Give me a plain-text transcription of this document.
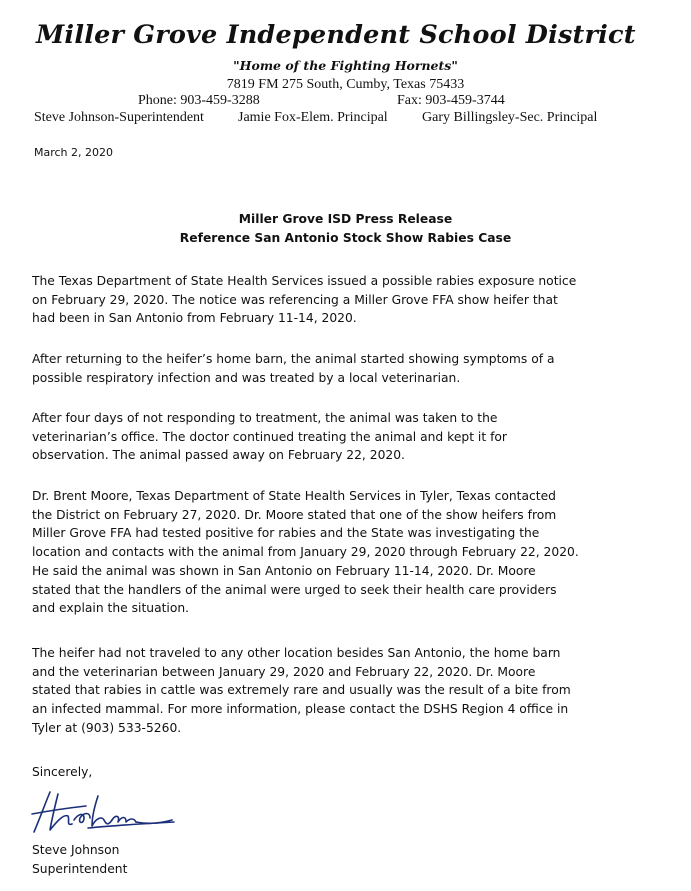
Miller Grove Independent School District
"Home of the Fighting Hornets"
7819 FM 275 South, Cumby, Texas 75433
Phone: 903-459-3288	Fax: 903-459-3744
Steve Johnson-Superintendent Jamie Fox-Elem. Principal Gary Billingsley-Sec. Principal
March 2, 2020
Miller Grove ISD Press Release
Reference San Antonio Stock Show Rabies Case
The Texas Department of State Health Services issued a possible rabies exposure notice
on February 29, 2020. The notice was referencing a Miller Grove FFA show heifer that
had been in San Antonio from February 11-14, 2020.
After returning to the heifer’s home barn, the animal started showing symptoms of a
possible respiratory infection and was treated by a local veterinarian.
After four days of not responding to treatment, the animal was taken to the
veterinarian’s office. The doctor continued treating the animal and kept it for
observation. The animal passed away on February 22, 2020.
Dr. Brent Moore, Texas Department of State Health Services in Tyler, Texas contacted
the District on February 27, 2020. Dr. Moore stated that one of the show heifers from
Miller Grove FFA had tested positive for rabies and the State was investigating the
location and contacts with the animal from January 29, 2020 through February 22, 2020.
He said the animal was shown in San Antonio on February 11-14, 2020. Dr. Moore
stated that the handlers of the animal were urged to seek their health care providers
and explain the situation.
The heifer had not traveled to any other location besides San Antonio, the home barn
and the veterinarian between January 29, 2020 and February 22, 2020. Dr. Moore
stated that rabies in cattle was extremely rare and usually was the result of a bite from
an infected mammal. For more information, please contact the DSHS Region 4 office in
Tyler at (903) 533-5260.
Sincerely,
Steve Johnson
Superintendent
